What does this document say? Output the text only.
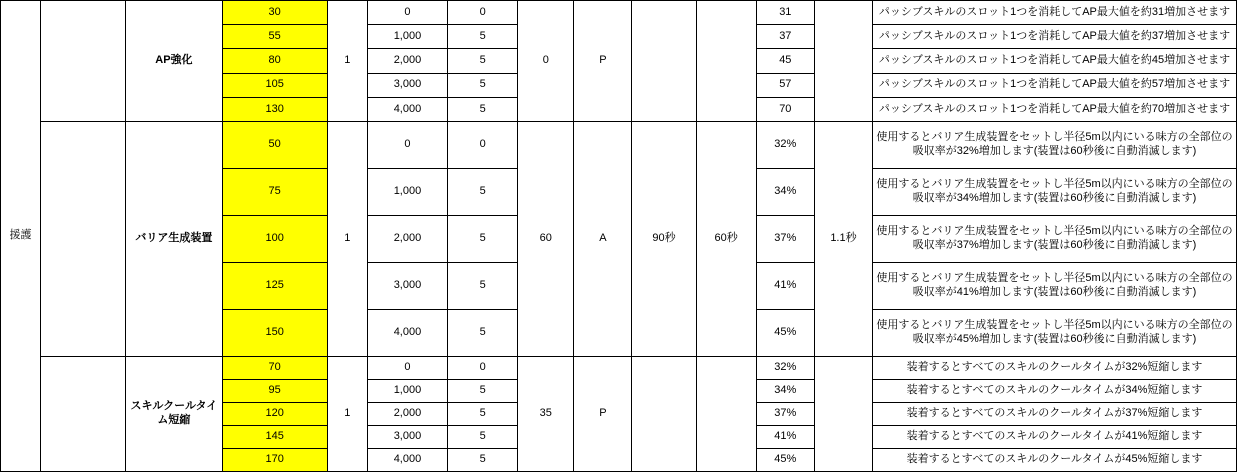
援護		AP強化	30	1	0	0	0	P			31		パッシブスキルのスロット1つを消耗してAP最大値を約31増加させます
			55		1,000	5					37		パッシブスキルのスロット1つを消耗してAP最大値を約37増加させます
			80		2,000	5					45		パッシブスキルのスロット1つを消耗してAP最大値を約45増加させます
			105		3,000	5					57		パッシブスキルのスロット1つを消耗してAP最大値を約57増加させます
			130		4,000	5					70		パッシブスキルのスロット1つを消耗してAP最大値を約70増加させます
		バリア生成装置	50	1	0	0	60	A	90秒	60秒	32%	1.1秒	使用するとバリア生成装置をセットし半径5m以内にいる味方の全部位の吸収率が32%増加します(装置は60秒後に自動消滅します)
			75		1,000	5					34%		使用するとバリア生成装置をセットし半径5m以内にいる味方の全部位の吸収率が34%増加します(装置は60秒後に自動消滅します)
			100		2,000	5					37%		使用するとバリア生成装置をセットし半径5m以内にいる味方の全部位の吸収率が37%増加します(装置は60秒後に自動消滅します)
			125		3,000	5					41%		使用するとバリア生成装置をセットし半径5m以内にいる味方の全部位の吸収率が41%増加します(装置は60秒後に自動消滅します)
			150		4,000	5					45%		使用するとバリア生成装置をセットし半径5m以内にいる味方の全部位の吸収率が45%増加します(装置は60秒後に自動消滅します)
		スキルクールタイム短縮	70	1	0	0	35	P			32%		装着するとすべてのスキルのクールタイムが32%短縮します
			95		1,000	5					34%		装着するとすべてのスキルのクールタイムが34%短縮します
			120		2,000	5					37%		装着するとすべてのスキルのクールタイムが37%短縮します
			145		3,000	5					41%		装着するとすべてのスキルのクールタイムが41%短縮します
			170		4,000	5					45%		装着するとすべてのスキルのクールタイムが45%短縮します
